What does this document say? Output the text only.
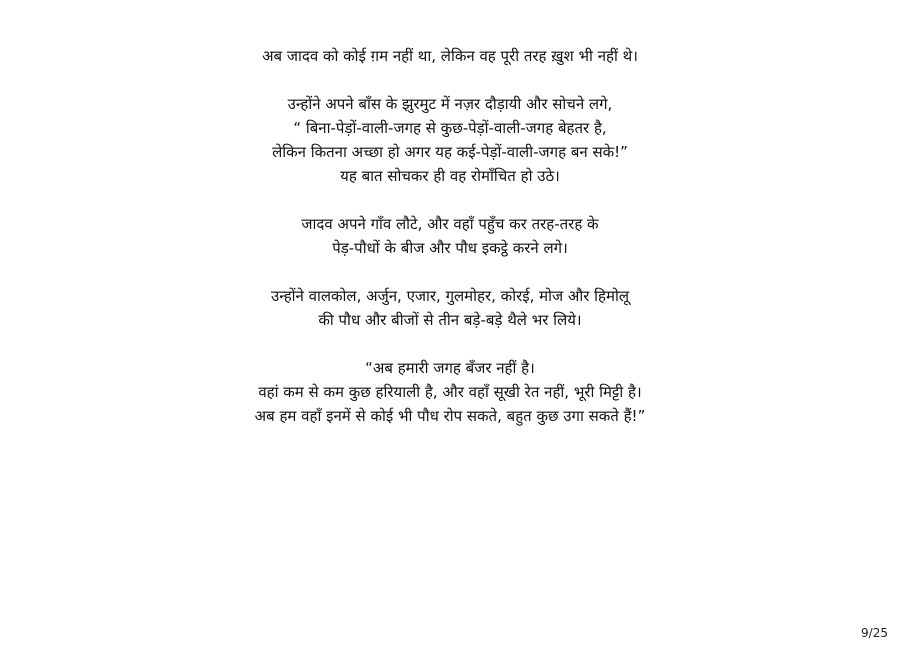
अब जादव को कोई ग़म नहीं था, लेकिन वह पूरी तरह ख़ुश भी नहीं थे।
उन्होंने अपने बाँस के झुरमुट में नज़र दौड़ायी और सोचने लगे,
“ बिना-पेड़ों-वाली-जगह से कुछ-पेड़ों-वाली-जगह बेहतर है,
लेकिन कितना अच्छा हो अगर यह कई-पेड़ों-वाली-जगह बन सके!”
यह बात सोचकर ही वह रोमाँचित हो उठे।
जादव अपने गाँव लौटे, और वहाँ पहुँच कर तरह-तरह के
पेड़-पौधों के बीज और पौध इकट्ठे करने लगे।
उन्होंने वालकोल, अर्जुन, एजार, गुलमोहर, कोरई, मोज और हिमोलू
की पौध और बीजों से तीन बड़े-बड़े थैले भर लिये।
“अब हमारी जगह बँजर नहीं है।
वहां कम से कम कुछ हरियाली है, और वहाँ सूखी रेत नहीं, भूरी मिट्टी है।
अब हम वहाँ इनमें से कोई भी पौध रोप सकते, बहुत कुछ उगा सकते हैं!”
9/25
